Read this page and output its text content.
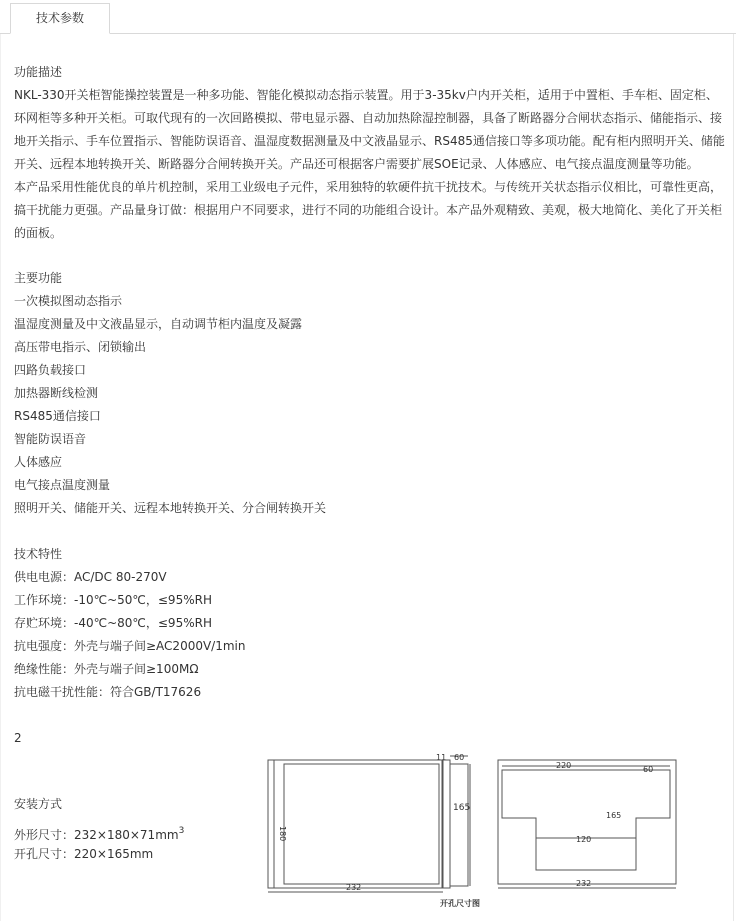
技术参数
功能描述

NKL-330开关柜智能操控装置是一种多功能、智能化模拟动态指示装置。用于3-35kv户内开关柜，适用于中置柜、手车柜、固定柜、环网柜等多种开关柜。可取代现有的一次回路模拟、带电显示器、自动加热除湿控制器，具备了断路器分合闸状态指示、储能指示、接地开关指示、手车位置指示、智能防误语音、温湿度数据测量及中文液晶显示、RS485通信接口等多项功能。配有柜内照明开关、储能开关、远程本地转换开关、断路器分合闸转换开关。产品还可根据客户需要扩展SOE记录、人体感应、电气接点温度测量等功能。

本产品采用性能优良的单片机控制，采用工业级电子元件，采用独特的软硬件抗干扰技术。与传统开关状态指示仪相比，可靠性更高，搞干扰能力更强。产品量身订做：根据用户不同要求，进行不同的功能组合设计。本产品外观精致、美观，极大地简化、美化了开关柜的面板。

主要功能
一次模拟图动态指示
温湿度测量及中文液晶显示，自动调节柜内温度及凝露
高压带电指示、闭锁输出
四路负载接口
加热器断线检测
RS485通信接口
智能防误语音
人体感应
电气接点温度测量
照明开关、储能开关、远程本地转换开关、分合闸转换开关
技术特性
供电电源：AC/DC 80-270V
工作环境：-10℃~50℃，≤95%RH
存贮环境：-40℃~80℃，≤95%RH
抗电强度：外壳与端子间≥AC2000V/1min
绝缘性能：外壳与端子间≥100MΩ
抗电磁干扰性能：符合GB/T17626
2
安装方式
外形尺寸：$232\times 180\times 71mm^3$
开孔尺寸：220×165mm
232
180
11 60
165
220	60
165
120
232
开孔尺寸图
